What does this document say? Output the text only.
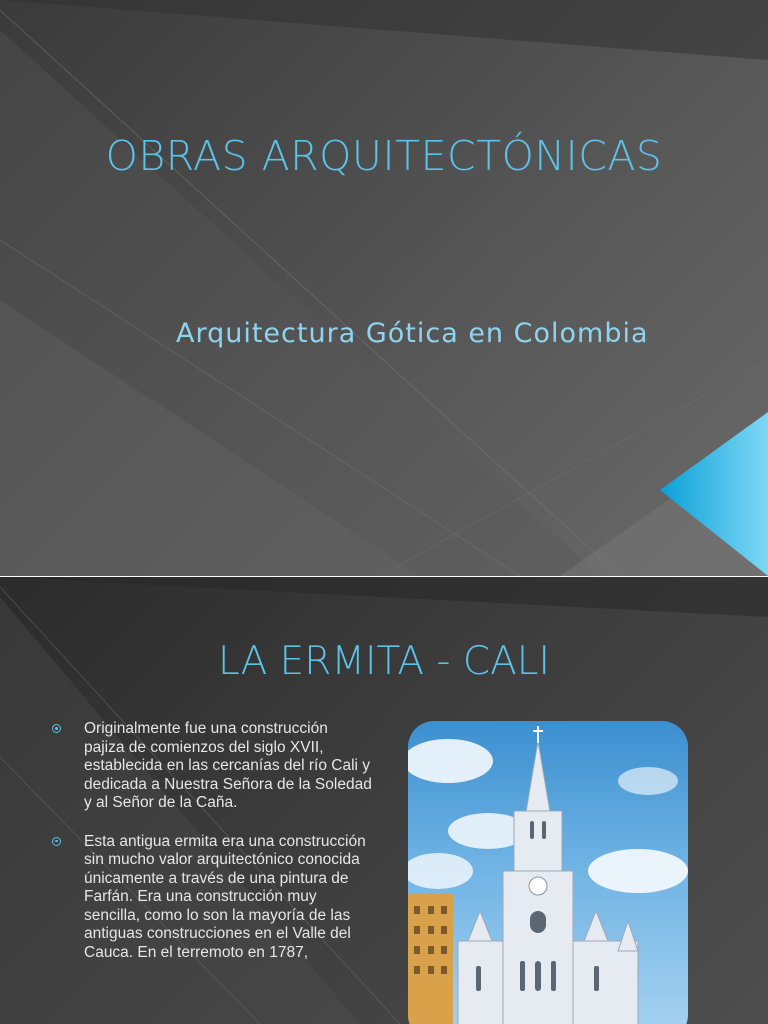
OBRAS ARQUITECTÓNICAS
Arquitectura Gótica en Colombia
LA ERMITA - CALI
Originalmente fue una construcción pajiza de comienzos del siglo XVII, establecida en las cercanías del río Cali y dedicada a Nuestra Señora de la Soledad y al Señor de la Caña.
Esta antigua ermita era una construcción sin mucho valor arquitectónico conocida únicamente a través de una pintura de Farfán. Era una construcción muy sencilla, como lo son la mayoría de las antiguas construcciones en el Valle del Cauca. En el terremoto en 1787,
